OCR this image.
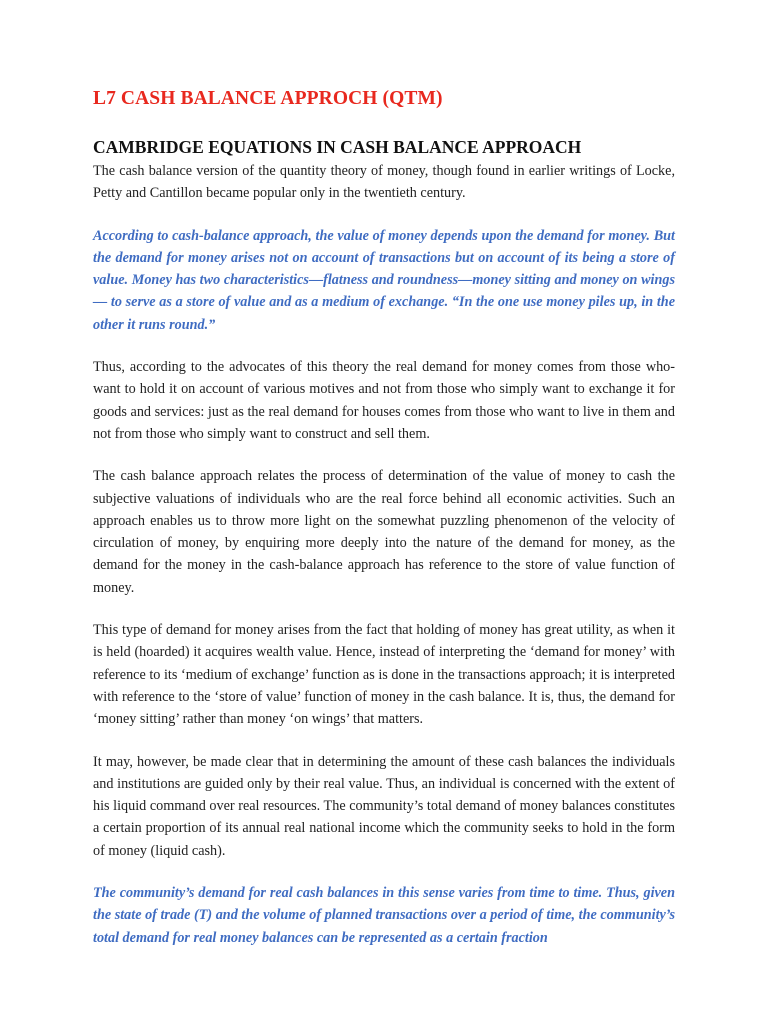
L7 CASH BALANCE APPROCH (QTM)
CAMBRIDGE EQUATIONS IN CASH BALANCE APPROACH

The cash balance version of the quantity theory of money, though found in earlier writings of Locke, Petty and Cantillon became popular only in the twentieth century.

According to cash-balance approach, the value of money depends upon the demand for money. But the demand for money arises not on account of transactions but on account of its being a store of value. Money has two characteristics—flatness and roundness—money sitting and money on wings— to serve as a store of value and as a medium of exchange. “In the one use money piles up, in the other it runs round.”

Thus, according to the advocates of this theory the real demand for money comes from those who-want to hold it on account of various motives and not from those who simply want to exchange it for goods and services: just as the real demand for houses comes from those who want to live in them and not from those who simply want to construct and sell them.

The cash balance approach relates the process of determination of the value of money to cash the subjective valuations of individuals who are the real force behind all economic activities. Such an approach enables us to throw more light on the somewhat puzzling phenomenon of the velocity of circulation of money, by enquiring more deeply into the nature of the demand for money, as the demand for the money in the cash-balance approach has reference to the store of value function of money.

This type of demand for money arises from the fact that holding of money has great utility, as when it is held (hoarded) it acquires wealth value. Hence, instead of interpreting the ‘demand for money’ with reference to its ‘medium of exchange’ function as is done in the transactions approach; it is interpreted with reference to the ‘store of value’ function of money in the cash balance. It is, thus, the demand for ‘money sitting’ rather than money ‘on wings’ that matters.

It may, however, be made clear that in determining the amount of these cash balances the individuals and institutions are guided only by their real value. Thus, an individual is concerned with the extent of his liquid command over real resources. The community’s total demand of money balances constitutes a certain proportion of its annual real national income which the community seeks to hold in the form of money (liquid cash).

The community’s demand for real cash balances in this sense varies from time to time. Thus, given the state of trade (T) and the volume of planned transactions over a period of time, the community’s total demand for real money balances can be represented as a certain fraction
